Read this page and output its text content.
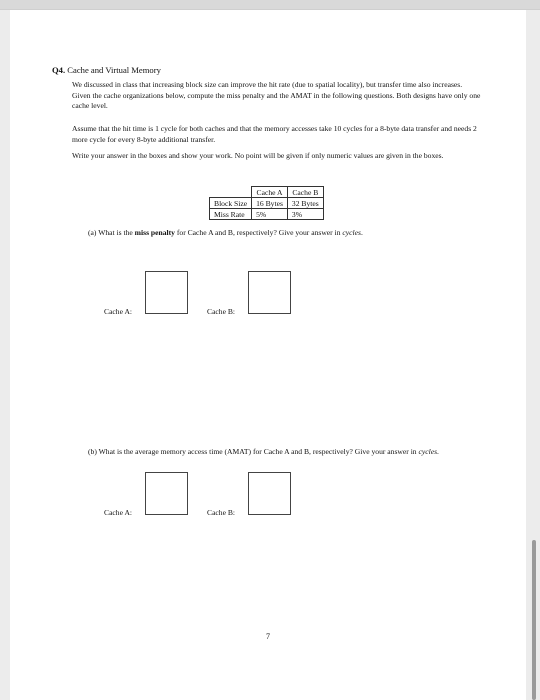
Q4. Cache and Virtual Memory

We discussed in class that increasing block size can improve the hit rate (due to spatial locality), but transfer time also increases. Given the cache organizations below, compute the miss penalty and the AMAT in the following questions. Both designs have only one cache level.

Assume that the hit time is 1 cycle for both caches and that the memory accesses take 10 cycles for a 8-byte data transfer and needs 2 more cycle for every 8-byte additional transfer.

Write your answer in the boxes and show your work. No point will be given if only numeric values are given in the boxes.

	Cache A	Cache B
Block Size	16 Bytes	32 Bytes
Miss Rate	5%	3%

(a) What is the miss penalty for Cache A and B, respectively? Give your answer in cycles.

Cache A:	Cache B:

(b) What is the average memory access time (AMAT) for Cache A and B, respectively? Give your answer in cycles.

Cache A:	Cache B:
7
